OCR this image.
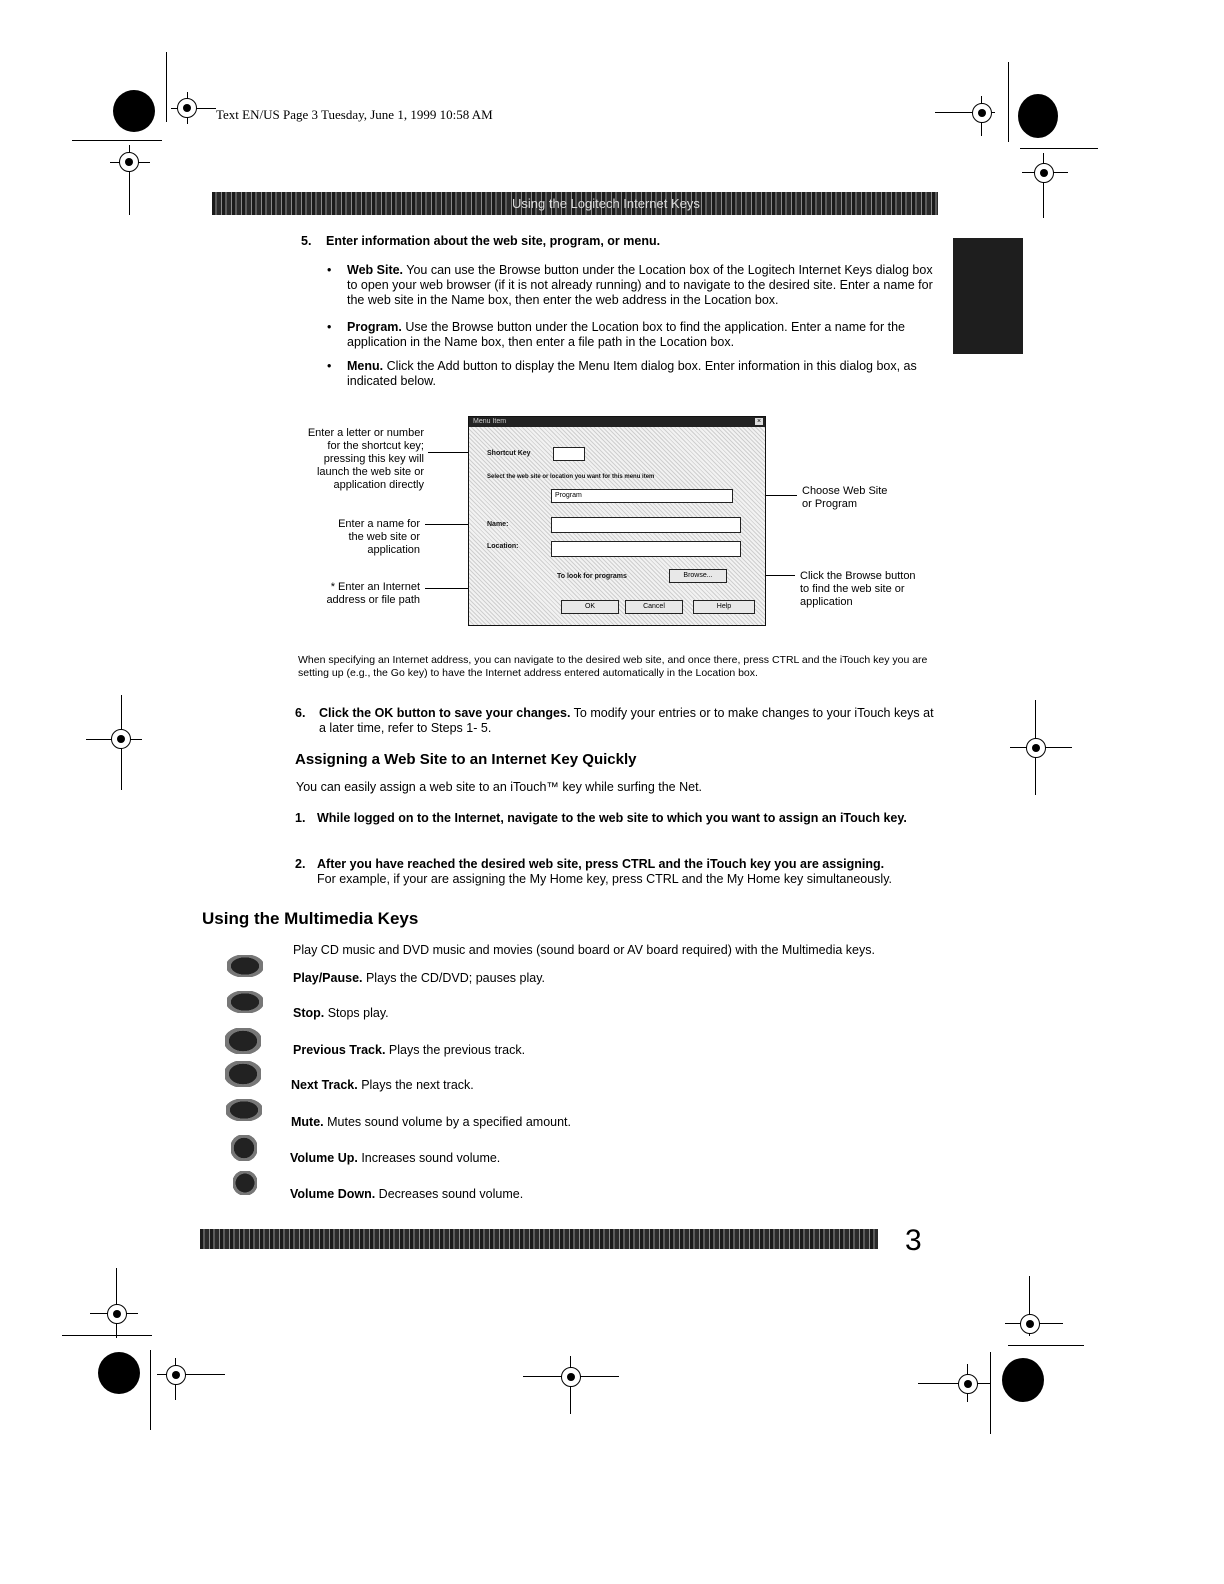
Text EN/US Page 3 Tuesday, June 1, 1999 10:58 AM
Using the Logitech Internet Keys
5. Enter information about the web site, program, or menu.
• Web Site. You can use the Browse button under the Location box of the Logitech Internet Keys dialog box to open your web browser (if it is not already running) and to navigate to the desired site. Enter a name for the web site in the Name box, then enter the web address in the Location box.
• Program. Use the Browse button under the Location box to find the application. Enter a name for the application in the Name box, then enter a file path in the Location box.
• Menu. Click the Add button to display the Menu Item dialog box. Enter information in this dialog box, as indicated below.
Enter a letter or number for the shortcut key; pressing this key will launch the web site or application directly
Enter a name for the web site or application
* Enter an Internet address or file path
Choose Web Site or Program
Click the Browse button to find the web site or application
Menu Item	×
Shortcut Key
Select the web site or location you want for this menu item
Program
Name:
Location:
To look for programs	Browse...
OK	Cancel	Help
When specifying an Internet address, you can navigate to the desired web site, and once there, press CTRL and the iTouch key you are setting up (e.g., the Go key) to have the Internet address entered automatically in the Location box.
6. Click the OK button to save your changes. To modify your entries or to make changes to your iTouch keys at a later time, refer to Steps 1- 5.
Assigning a Web Site to an Internet Key Quickly
You can easily assign a web site to an iTouch™ key while surfing the Net.
1. While logged on to the Internet, navigate to the web site to which you want to assign an iTouch key.
2. After you have reached the desired web site, press CTRL and the iTouch key you are assigning.
For example, if your are assigning the My Home key, press CTRL and the My Home key simultaneously.
Using the Multimedia Keys
Play CD music and DVD music and movies (sound board or AV board required) with the Multimedia keys.
Play/Pause. Plays the CD/DVD; pauses play.
Stop. Stops play.
Previous Track. Plays the previous track.
Next Track. Plays the next track.
Mute. Mutes sound volume by a specified amount.
Volume Up. Increases sound volume.
Volume Down. Decreases sound volume.
3
